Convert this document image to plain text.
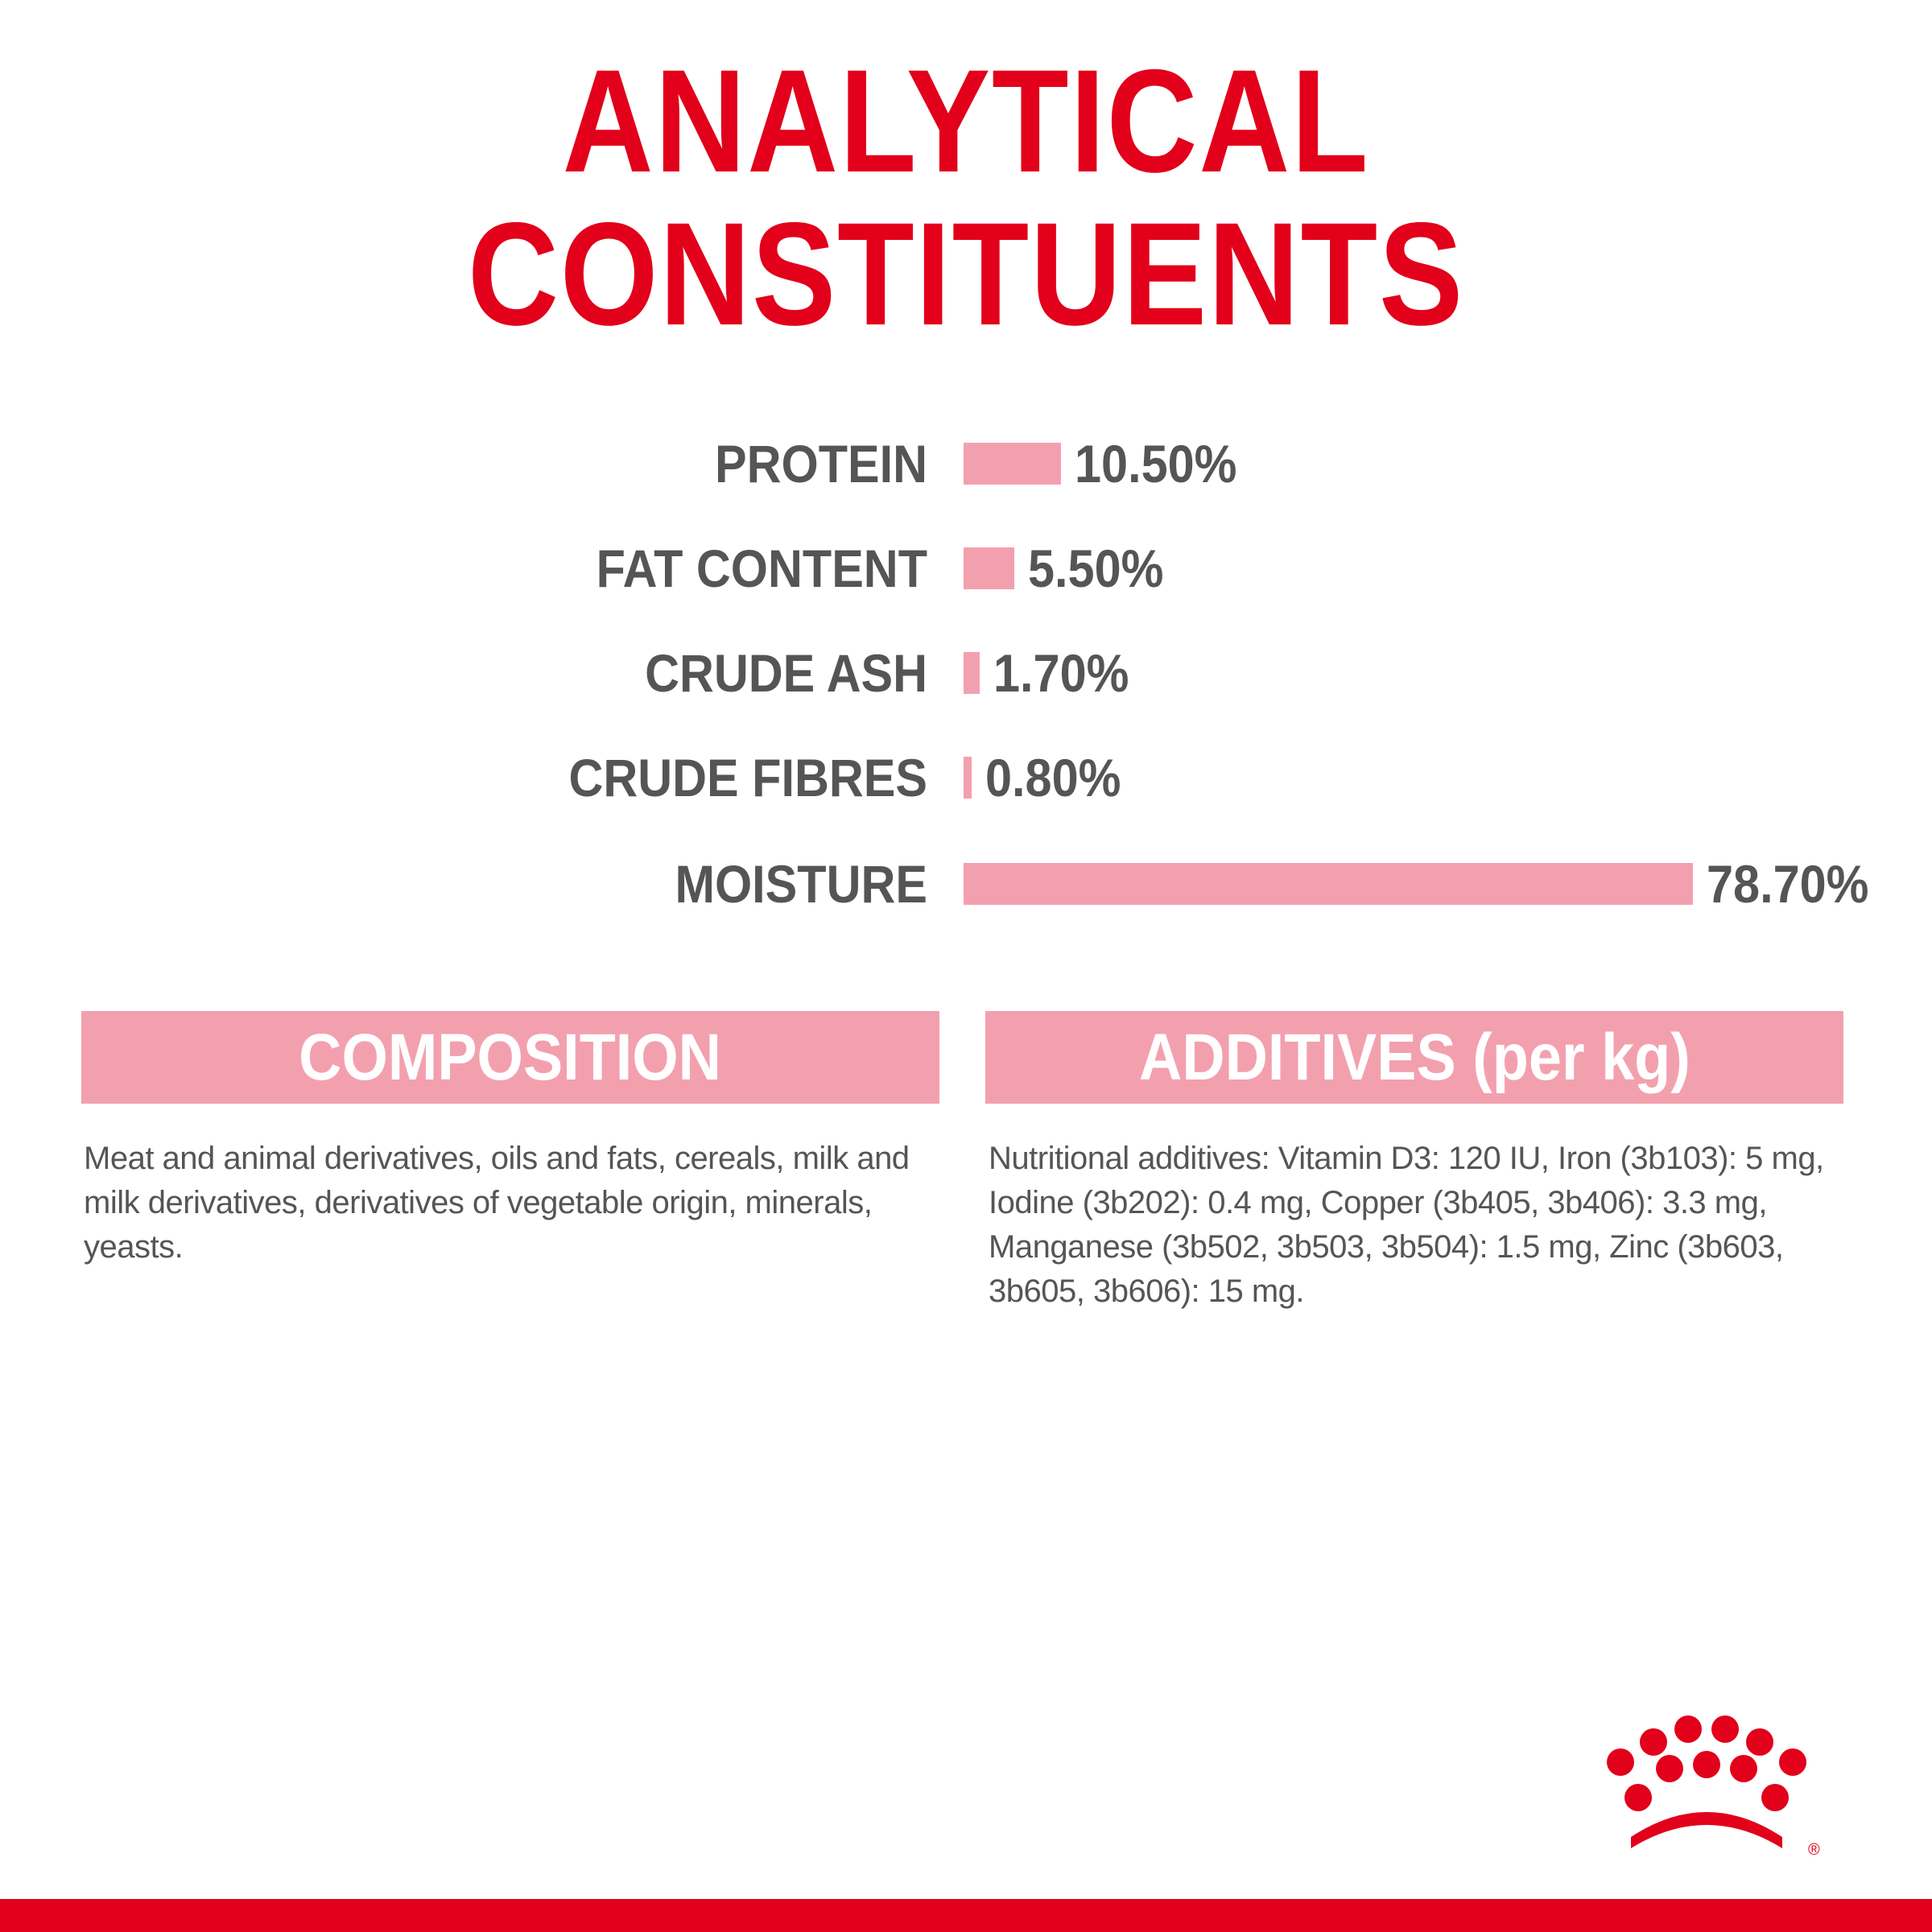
ANALYTICAL CONSTITUENTS
PROTEIN	10.50%
FAT CONTENT 5.50%
CRUDE ASH 1.70%
CRUDE FIBRES 0.80%
MOISTURE	78.70%
COMPOSITION
Meat and animal derivatives, oils and fats, cereals, milk and milk derivatives, derivatives of vegetable origin, minerals, yeasts.
ADDITIVES (per kg)
Nutritional additives: Vitamin D3: 120 IU, Iron (3b103): 5 mg, Iodine (3b202): 0.4 mg, Copper (3b405, 3b406): 3.3 mg, Manganese (3b502, 3b503, 3b504): 1.5 mg, Zinc (3b603, 3b605, 3b606): 15 mg.
®
